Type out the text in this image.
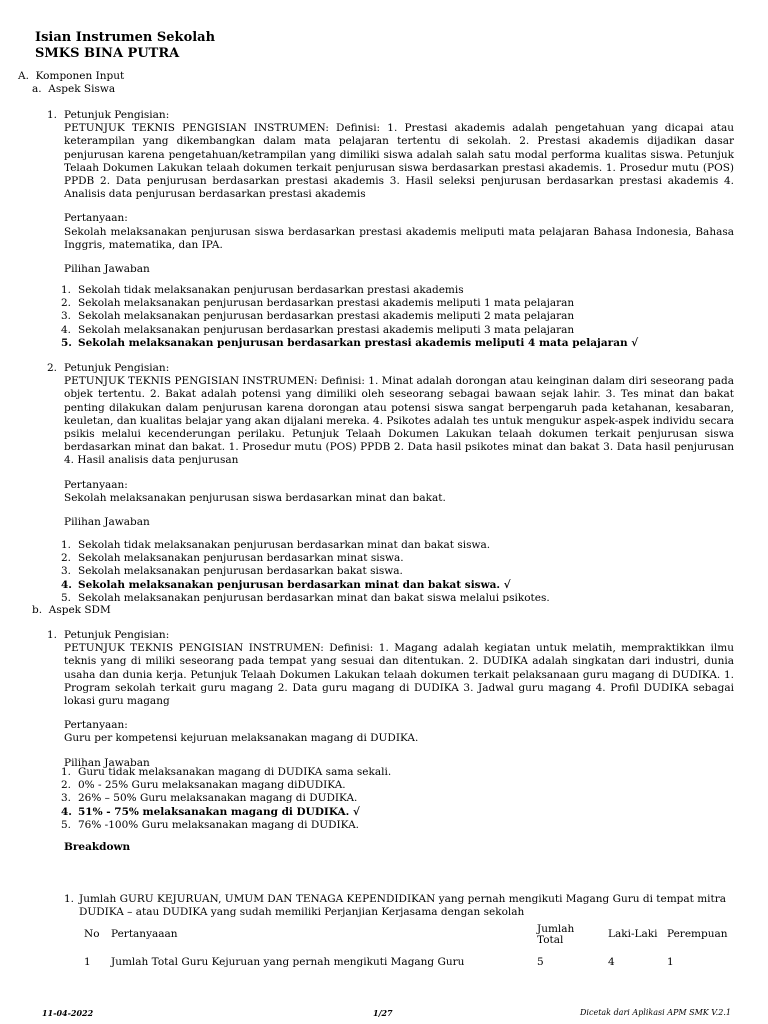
Isian Instrumen Sekolah
SMKS BINA PUTRA
A. Komponen Input
a. Aspek Siswa
1. Petunjuk Pengisian:
PETUNJUK TEKNIS PENGISIAN INSTRUMEN: Definisi: 1. Prestasi akademis adalah pengetahuan yang dicapai atau keterampilan yang dikembangkan dalam mata pelajaran tertentu di sekolah. 2. Prestasi akademis dijadikan dasar penjurusan karena pengetahuan/ketrampilan yang dimiliki siswa adalah salah satu modal performa kualitas siswa. Petunjuk Telaah Dokumen Lakukan telaah dokumen terkait penjurusan siswa berdasarkan prestasi akademis. 1. Prosedur mutu (POS) PPDB 2. Data penjurusan berdasarkan prestasi akademis 3. Hasil seleksi penjurusan berdasarkan prestasi akademis 4. Analisis data penjurusan berdasarkan prestasi akademis
Pertanyaan:
Sekolah melaksanakan penjurusan siswa berdasarkan prestasi akademis meliputi mata pelajaran Bahasa Indonesia, Bahasa Inggris, matematika, dan IPA.
Pilihan Jawaban
1. Sekolah tidak melaksanakan penjurusan berdasarkan prestasi akademis
2. Sekolah melaksanakan penjurusan berdasarkan prestasi akademis meliputi 1 mata pelajaran
3. Sekolah melaksanakan penjurusan berdasarkan prestasi akademis meliputi 2 mata pelajaran
4. Sekolah melaksanakan penjurusan berdasarkan prestasi akademis meliputi 3 mata pelajaran
5. Sekolah melaksanakan penjurusan berdasarkan prestasi akademis meliputi 4 mata pelajaran √
2. Petunjuk Pengisian:
PETUNJUK TEKNIS PENGISIAN INSTRUMEN: Definisi: 1. Minat adalah dorongan atau keinginan dalam diri seseorang pada objek tertentu. 2. Bakat adalah potensi yang dimiliki oleh seseorang sebagai bawaan sejak lahir. 3. Tes minat dan bakat penting dilakukan dalam penjurusan karena dorongan atau potensi siswa sangat berpengaruh pada ketahanan, kesabaran, keuletan, dan kualitas belajar yang akan dijalani mereka. 4. Psikotes adalah tes untuk mengukur aspek-aspek individu secara psikis melalui kecenderungan perilaku. Petunjuk Telaah Dokumen Lakukan telaah dokumen terkait penjurusan siswa berdasarkan minat dan bakat. 1. Prosedur mutu (POS) PPDB 2. Data hasil psikotes minat dan bakat 3. Data hasil penjurusan 4. Hasil analisis data penjurusan
Pertanyaan:
Sekolah melaksanakan penjurusan siswa berdasarkan minat dan bakat.
Pilihan Jawaban
1. Sekolah tidak melaksanakan penjurusan berdasarkan minat dan bakat siswa.
2. Sekolah melaksanakan penjurusan berdasarkan minat siswa.
3. Sekolah melaksanakan penjurusan berdasarkan bakat siswa.
4. Sekolah melaksanakan penjurusan berdasarkan minat dan bakat siswa. √
5. Sekolah melaksanakan penjurusan berdasarkan minat dan bakat siswa melalui psikotes.
b. Aspek SDM
1. Petunjuk Pengisian:
PETUNJUK TEKNIS PENGISIAN INSTRUMEN: Definisi: 1. Magang adalah kegiatan untuk melatih, mempraktikkan ilmu teknis yang di miliki seseorang pada tempat yang sesuai dan ditentukan. 2. DUDIKA adalah singkatan dari industri, dunia usaha dan dunia kerja. Petunjuk Telaah Dokumen Lakukan telaah dokumen terkait pelaksanaan guru magang di DUDIKA. 1. Program sekolah terkait guru magang 2. Data guru magang di DUDIKA 3. Jadwal guru magang 4. Profil DUDIKA sebagai lokasi guru magang
Pertanyaan:
Guru per kompetensi kejuruan melaksanakan magang di DUDIKA.
Pilihan Jawaban
1. Guru tidak melaksanakan magang di DUDIKA sama sekali.
2. 0% - 25% Guru melaksanakan magang diDUDIKA.
3. 26% – 50% Guru melaksanakan magang di DUDIKA.
4. 51% - 75% melaksanakan magang di DUDIKA. √
5. 76% -100% Guru melaksanakan magang di DUDIKA.
Breakdown
1. Jumlah GURU KEJURUAN, UMUM DAN TENAGA KEPENDIDIKAN yang pernah mengikuti Magang Guru di tempat mitra DUDIKA – atau DUDIKA yang sudah memiliki Perjanjian Kerjasama dengan sekolah
No	Pertanyaaan	Jumlah Total	Laki-Laki	Perempuan

1	Jumlah Total Guru Kejuruan yang pernah mengikuti Magang Guru	5	4	1
11-04-2022	1/27	Dicetak dari Aplikasi APM SMK V.2.1
